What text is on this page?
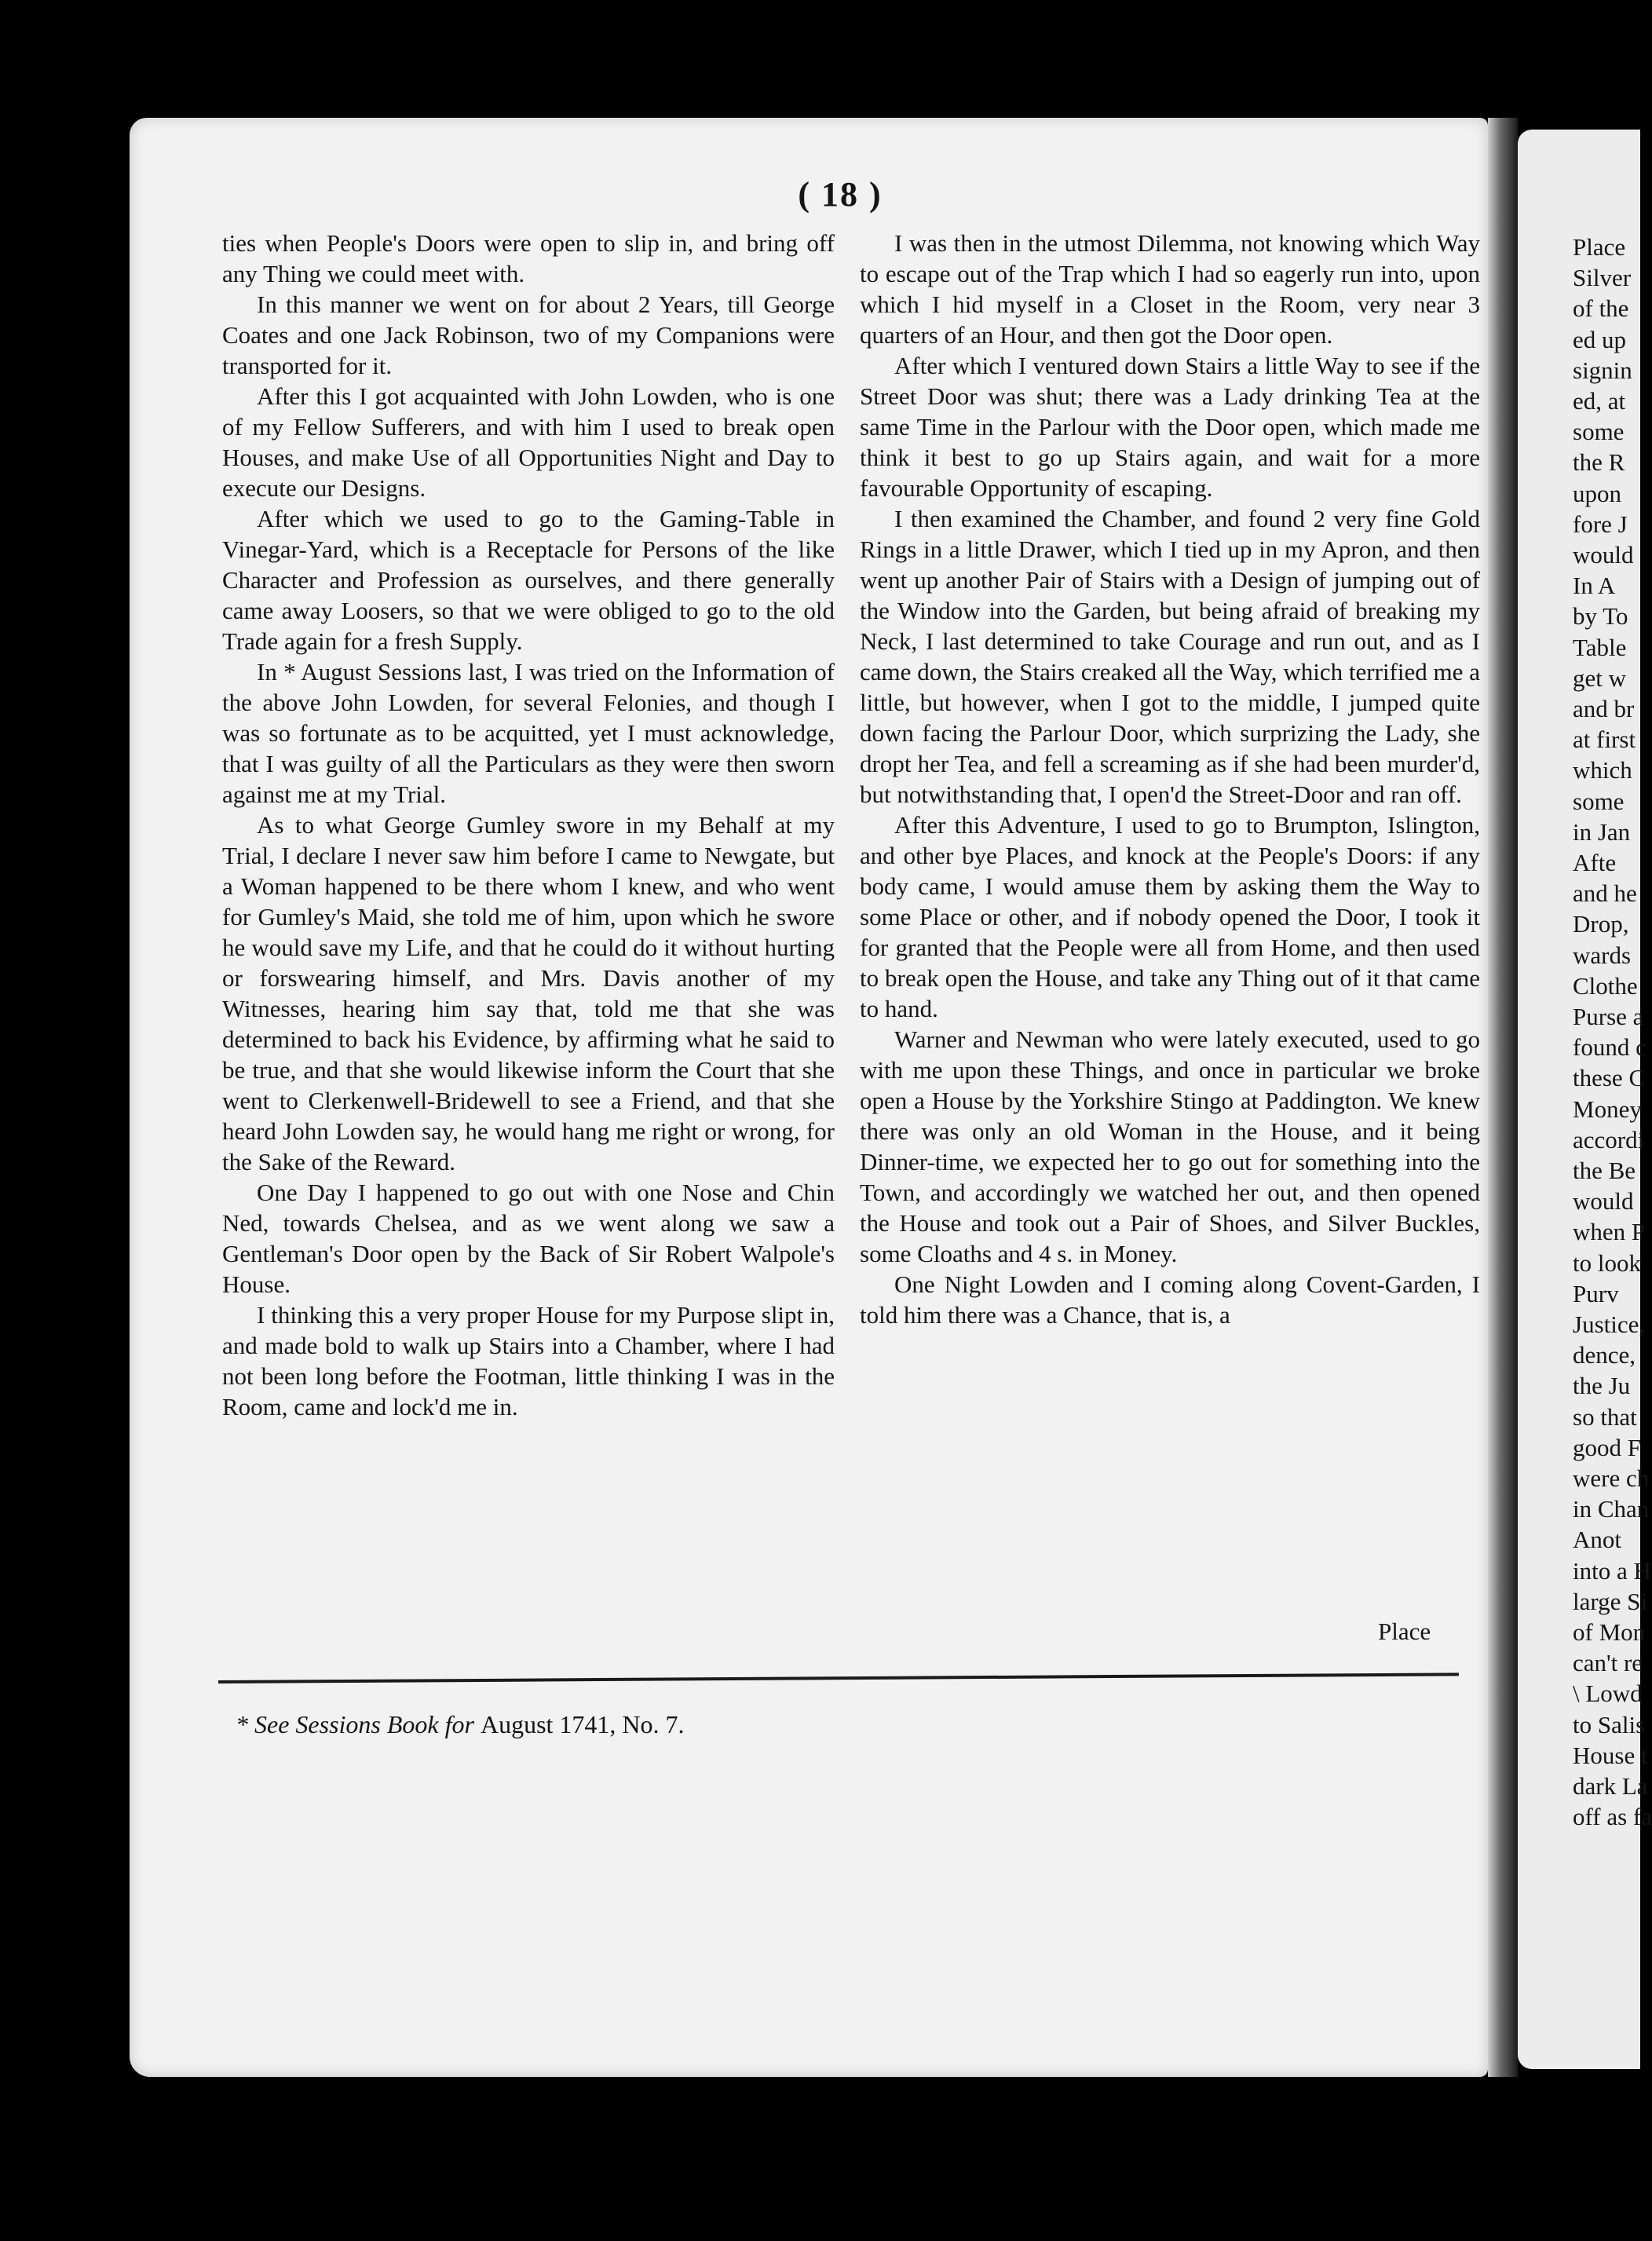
Place
Silver
of the
ed up
signin
ed, at
some
the R
upon
fore J
would
In A
by To
Table
get w
and br
at first
which
some
in Jan
Afte
and he
Drop,
wards
Clothe
Purse a
found c
these C
Money
accordi
the Be
would
when P
to look
Purv
Justice,
dence,
the Ju
so that
good F
were ch
in Chan
Anot
into a H
large Si
of Mon
can't re
\ Lowd
to Salis
House t
dark La
off as fa
( 18 )

ties when People's Doors were open to slip in, and bring off any Thing we could meet with.

In this manner we went on for about 2 Years, till George Coates and one Jack Robinson, two of my Companions were transported for it.

After this I got acquainted with John Lowden, who is one of my Fellow Sufferers, and with him I used to break open Houses, and make Use of all Opportunities Night and Day to execute our Designs.

After which we used to go to the Gaming-Table in Vinegar-Yard, which is a Receptacle for Persons of the like Character and Profession as ourselves, and there generally came away Loosers, so that we were obliged to go to the old Trade again for a fresh Supply.

In * August Sessions last, I was tried on the Information of the above John Lowden, for several Felonies, and though I was so fortunate as to be acquitted, yet I must acknowledge, that I was guilty of all the Particulars as they were then sworn against me at my Trial.

As to what George Gumley swore in my Behalf at my Trial, I declare I never saw him before I came to Newgate, but a Woman happened to be there whom I knew, and who went for Gumley's Maid, she told me of him, upon which he swore he would save my Life, and that he could do it without hurting or forswearing himself, and Mrs. Davis another of my Witnesses, hearing him say that, told me that she was determined to back his Evidence, by affirming what he said to be true, and that she would likewise inform the Court that she went to Clerkenwell-Bridewell to see a Friend, and that she heard John Lowden say, he would hang me right or wrong, for the Sake of the Reward.

One Day I happened to go out with one Nose and Chin Ned, towards Chelsea, and as we went along we saw a Gentleman's Door open by the Back of Sir Robert Walpole's House.

I thinking this a very proper House for my Purpose slipt in, and made bold to walk up Stairs into a Chamber, where I had not been long before the Footman, little thinking I was in the Room, came and lock'd me in.

I was then in the utmost Dilemma, not knowing which Way to escape out of the Trap which I had so eagerly run into, upon which I hid myself in a Closet in the Room, very near 3 quarters of an Hour, and then got the Door open.

After which I ventured down Stairs a little Way to see if the Street Door was shut; there was a Lady drinking Tea at the same Time in the Parlour with the Door open, which made me think it best to go up Stairs again, and wait for a more favourable Opportunity of escaping.

I then examined the Chamber, and found 2 very fine Gold Rings in a little Drawer, which I tied up in my Apron, and then went up another Pair of Stairs with a Design of jumping out of the Window into the Garden, but being afraid of breaking my Neck, I last determined to take Courage and run out, and as I came down, the Stairs creaked all the Way, which terrified me a little, but however, when I got to the middle, I jumped quite down facing the Parlour Door, which surprizing the Lady, she dropt her Tea, and fell a screaming as if she had been murder'd, but notwithstanding that, I open'd the Street-Door and ran off.

After this Adventure, I used to go to Brumpton, Islington, and other bye Places, and knock at the People's Doors: if any body came, I would amuse them by asking them the Way to some Place or other, and if nobody opened the Door, I took it for granted that the People were all from Home, and then used to break open the House, and take any Thing out of it that came to hand.

Warner and Newman who were lately executed, used to go with me upon these Things, and once in particular we broke open a House by the Yorkshire Stingo at Paddington. We knew there was only an old Woman in the House, and it being Dinner-time, we expected her to go out for something into the Town, and accordingly we watched her out, and then opened the House and took out a Pair of Shoes, and Silver Buckles, some Cloaths and 4 s. in Money.

One Night Lowden and I coming along Covent-Garden, I told him there was a Chance, that is, a

Place
* See Sessions Book for August 1741, No. 7.
